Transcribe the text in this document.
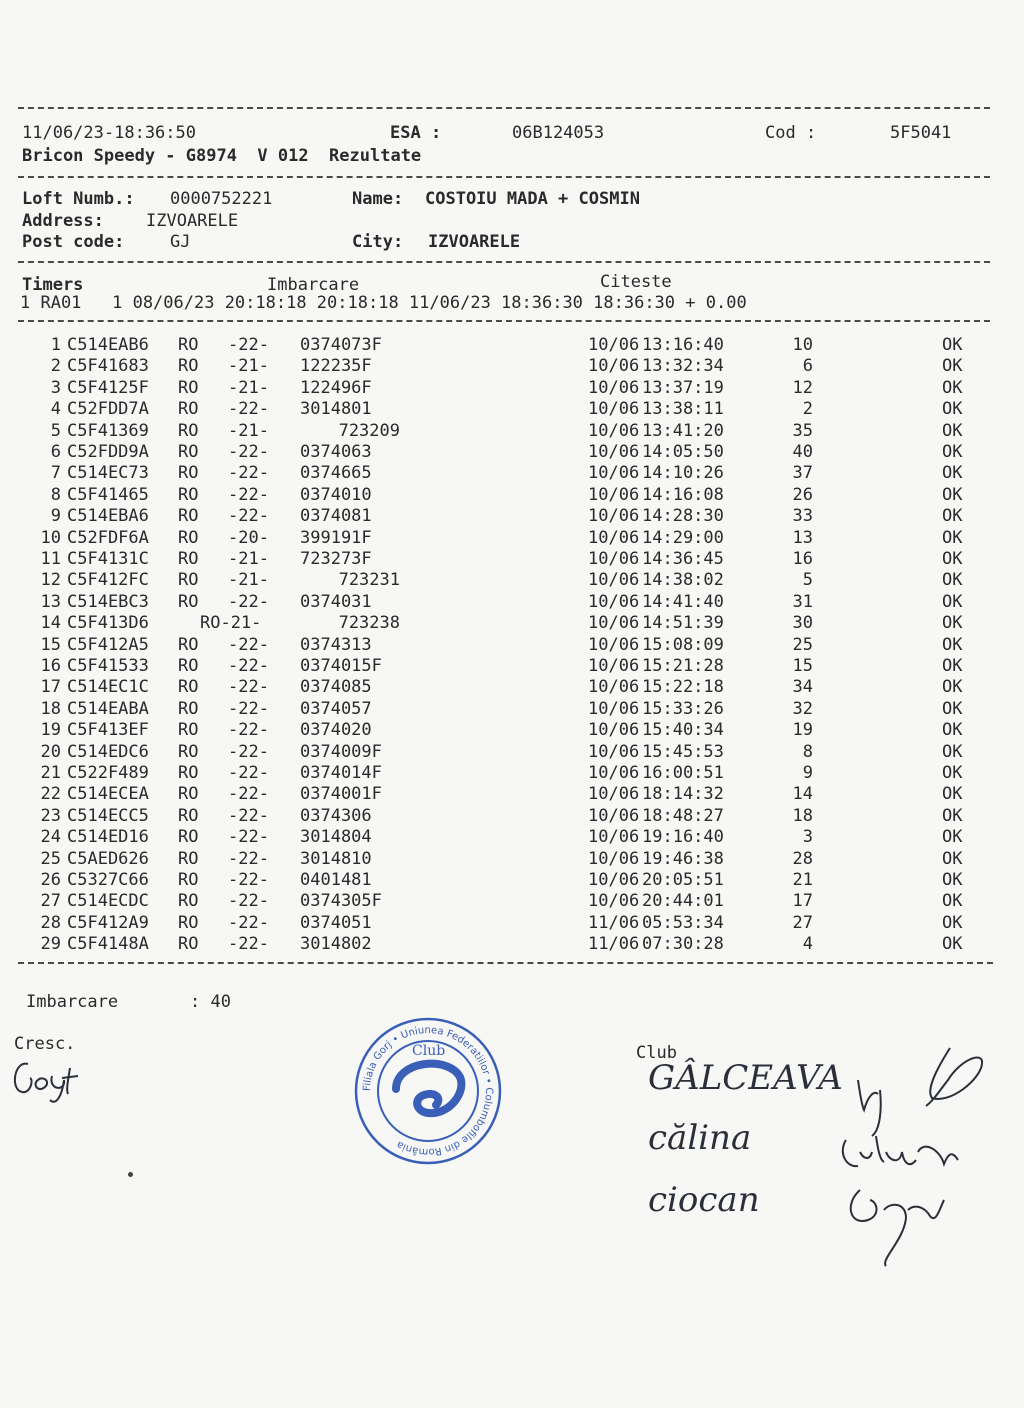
11/06/23-18:36:50	ESA :	06B124053	Cod :	5F5041
Bricon Speedy - G8974  V 012  Rezultate
Loft Numb.: 0000752221	Name: COSTOIU MADA + COSMIN
Address: IZVOARELE
Post code:	GJ	City: IZVOARELE
Timers	Imbarcare	Citeste
1 RA01   1 08/06/23 20:18:18 20:18:18 11/06/23 18:36:30 18:36:30 + 0.00
1 C514EAB6 RO -22- 0374073F	10/06 13:16:40	10	OK
2 C5F41683 RO -21- 122235F	10/06 13:32:34	6	OK
3 C5F4125F RO -21- 122496F	10/06 13:37:19	12	OK
4 C52FDD7A RO -22- 3014801	10/06 13:38:11	2	OK
5 C5F41369 RO -21-	723209	10/06 13:41:20	35	OK
6 C52FDD9A RO -22- 0374063	10/06 14:05:50	40	OK
7 C514EC73 RO -22- 0374665	10/06 14:10:26	37	OK
8 C5F41465 RO -22- 0374010	10/06 14:16:08	26	OK
9 C514EBA6 RO -22- 0374081	10/06 14:28:30	33	OK
10 C52FDF6A RO -20- 399191F	10/06 14:29:00	13	OK
11 C5F4131C RO -21- 723273F	10/06 14:36:45	16	OK
12 C5F412FC RO -21-	723231	10/06 14:38:02	5	OK
13 C514EBC3 RO -22- 0374031	10/06 14:41:40	31	OK
14 C5F413D6	RO-21-	723238	10/06 14:51:39	30	OK
15 C5F412A5 RO -22- 0374313	10/06 15:08:09	25	OK
16 C5F41533 RO -22- 0374015F	10/06 15:21:28	15	OK
17 C514EC1C RO -22- 0374085	10/06 15:22:18	34	OK
18 C514EABA RO -22- 0374057	10/06 15:33:26	32	OK
19 C5F413EF RO -22- 0374020	10/06 15:40:34	19	OK
20 C514EDC6 RO -22- 0374009F	10/06 15:45:53	8	OK
21 C522F489 RO -22- 0374014F	10/06 16:00:51	9	OK
22 C514ECEA RO -22- 0374001F	10/06 18:14:32	14	OK
23 C514ECC5 RO -22- 0374306	10/06 18:48:27	18	OK
24 C514ED16 RO -22- 3014804	10/06 19:16:40	3	OK
25 C5AED626 RO -22- 3014810	10/06 19:46:38	28	OK
26 C5327C66 RO -22- 0401481	10/06 20:05:51	21	OK
27 C514ECDC RO -22- 0374305F	10/06 20:44:01	17	OK
28 C5F412A9 RO -22- 0374051	11/06 05:53:34	27	OK
29 C5F4148A RO -22- 3014802	11/06 07:30:28	4	OK
Imbarcare	: 40
Cresc.	Club
Filiala Gorj • Uniunea Federatiilor • Columbofile din România
Club
GÂLCEAVA
călina
ciocan
